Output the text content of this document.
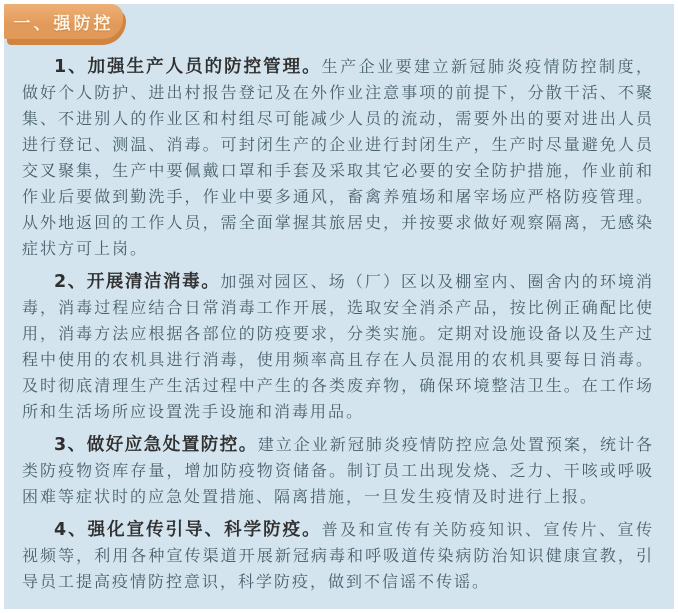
一、强防控

1、加强生产人员的防控管理。生产企业要建立新冠肺炎疫情防控制度，做好个人防护、进出村报告登记及在外作业注意事项的前提下，分散干活、不聚集、不进别人的作业区和村组尽可能减少人员的流动，需要外出的要对进出人员进行登记、测温、消毒。可封闭生产的企业进行封闭生产，生产时尽量避免人员交叉聚集，生产中要佩戴口罩和手套及采取其它必要的安全防护措施，作业前和作业后要做到勤洗手，作业中要多通风，畜禽养殖场和屠宰场应严格防疫管理。从外地返回的工作人员，需全面掌握其旅居史，并按要求做好观察隔离，无感染症状方可上岗。

2、开展清洁消毒。加强对园区、场（厂）区以及棚室内、圈舍内的环境消毒，消毒过程应结合日常消毒工作开展，选取安全消杀产品，按比例正确配比使用，消毒方法应根据各部位的防疫要求，分类实施。定期对设施设备以及生产过程中使用的农机具进行消毒，使用频率高且存在人员混用的农机具要每日消毒。及时彻底清理生产生活过程中产生的各类废弃物，确保环境整洁卫生。在工作场所和生活场所应设置洗手设施和消毒用品。

3、做好应急处置防控。建立企业新冠肺炎疫情防控应急处置预案，统计各类防疫物资库存量，增加防疫物资储备。制订员工出现发烧、乏力、干咳或呼吸困难等症状时的应急处置措施、隔离措施，一旦发生疫情及时进行上报。

4、强化宣传引导、科学防疫。普及和宣传有关防疫知识、宣传片、宣传视频等，利用各种宣传渠道开展新冠病毒和呼吸道传染病防治知识健康宣教，引导员工提高疫情防控意识，科学防疫，做到不信谣不传谣。
